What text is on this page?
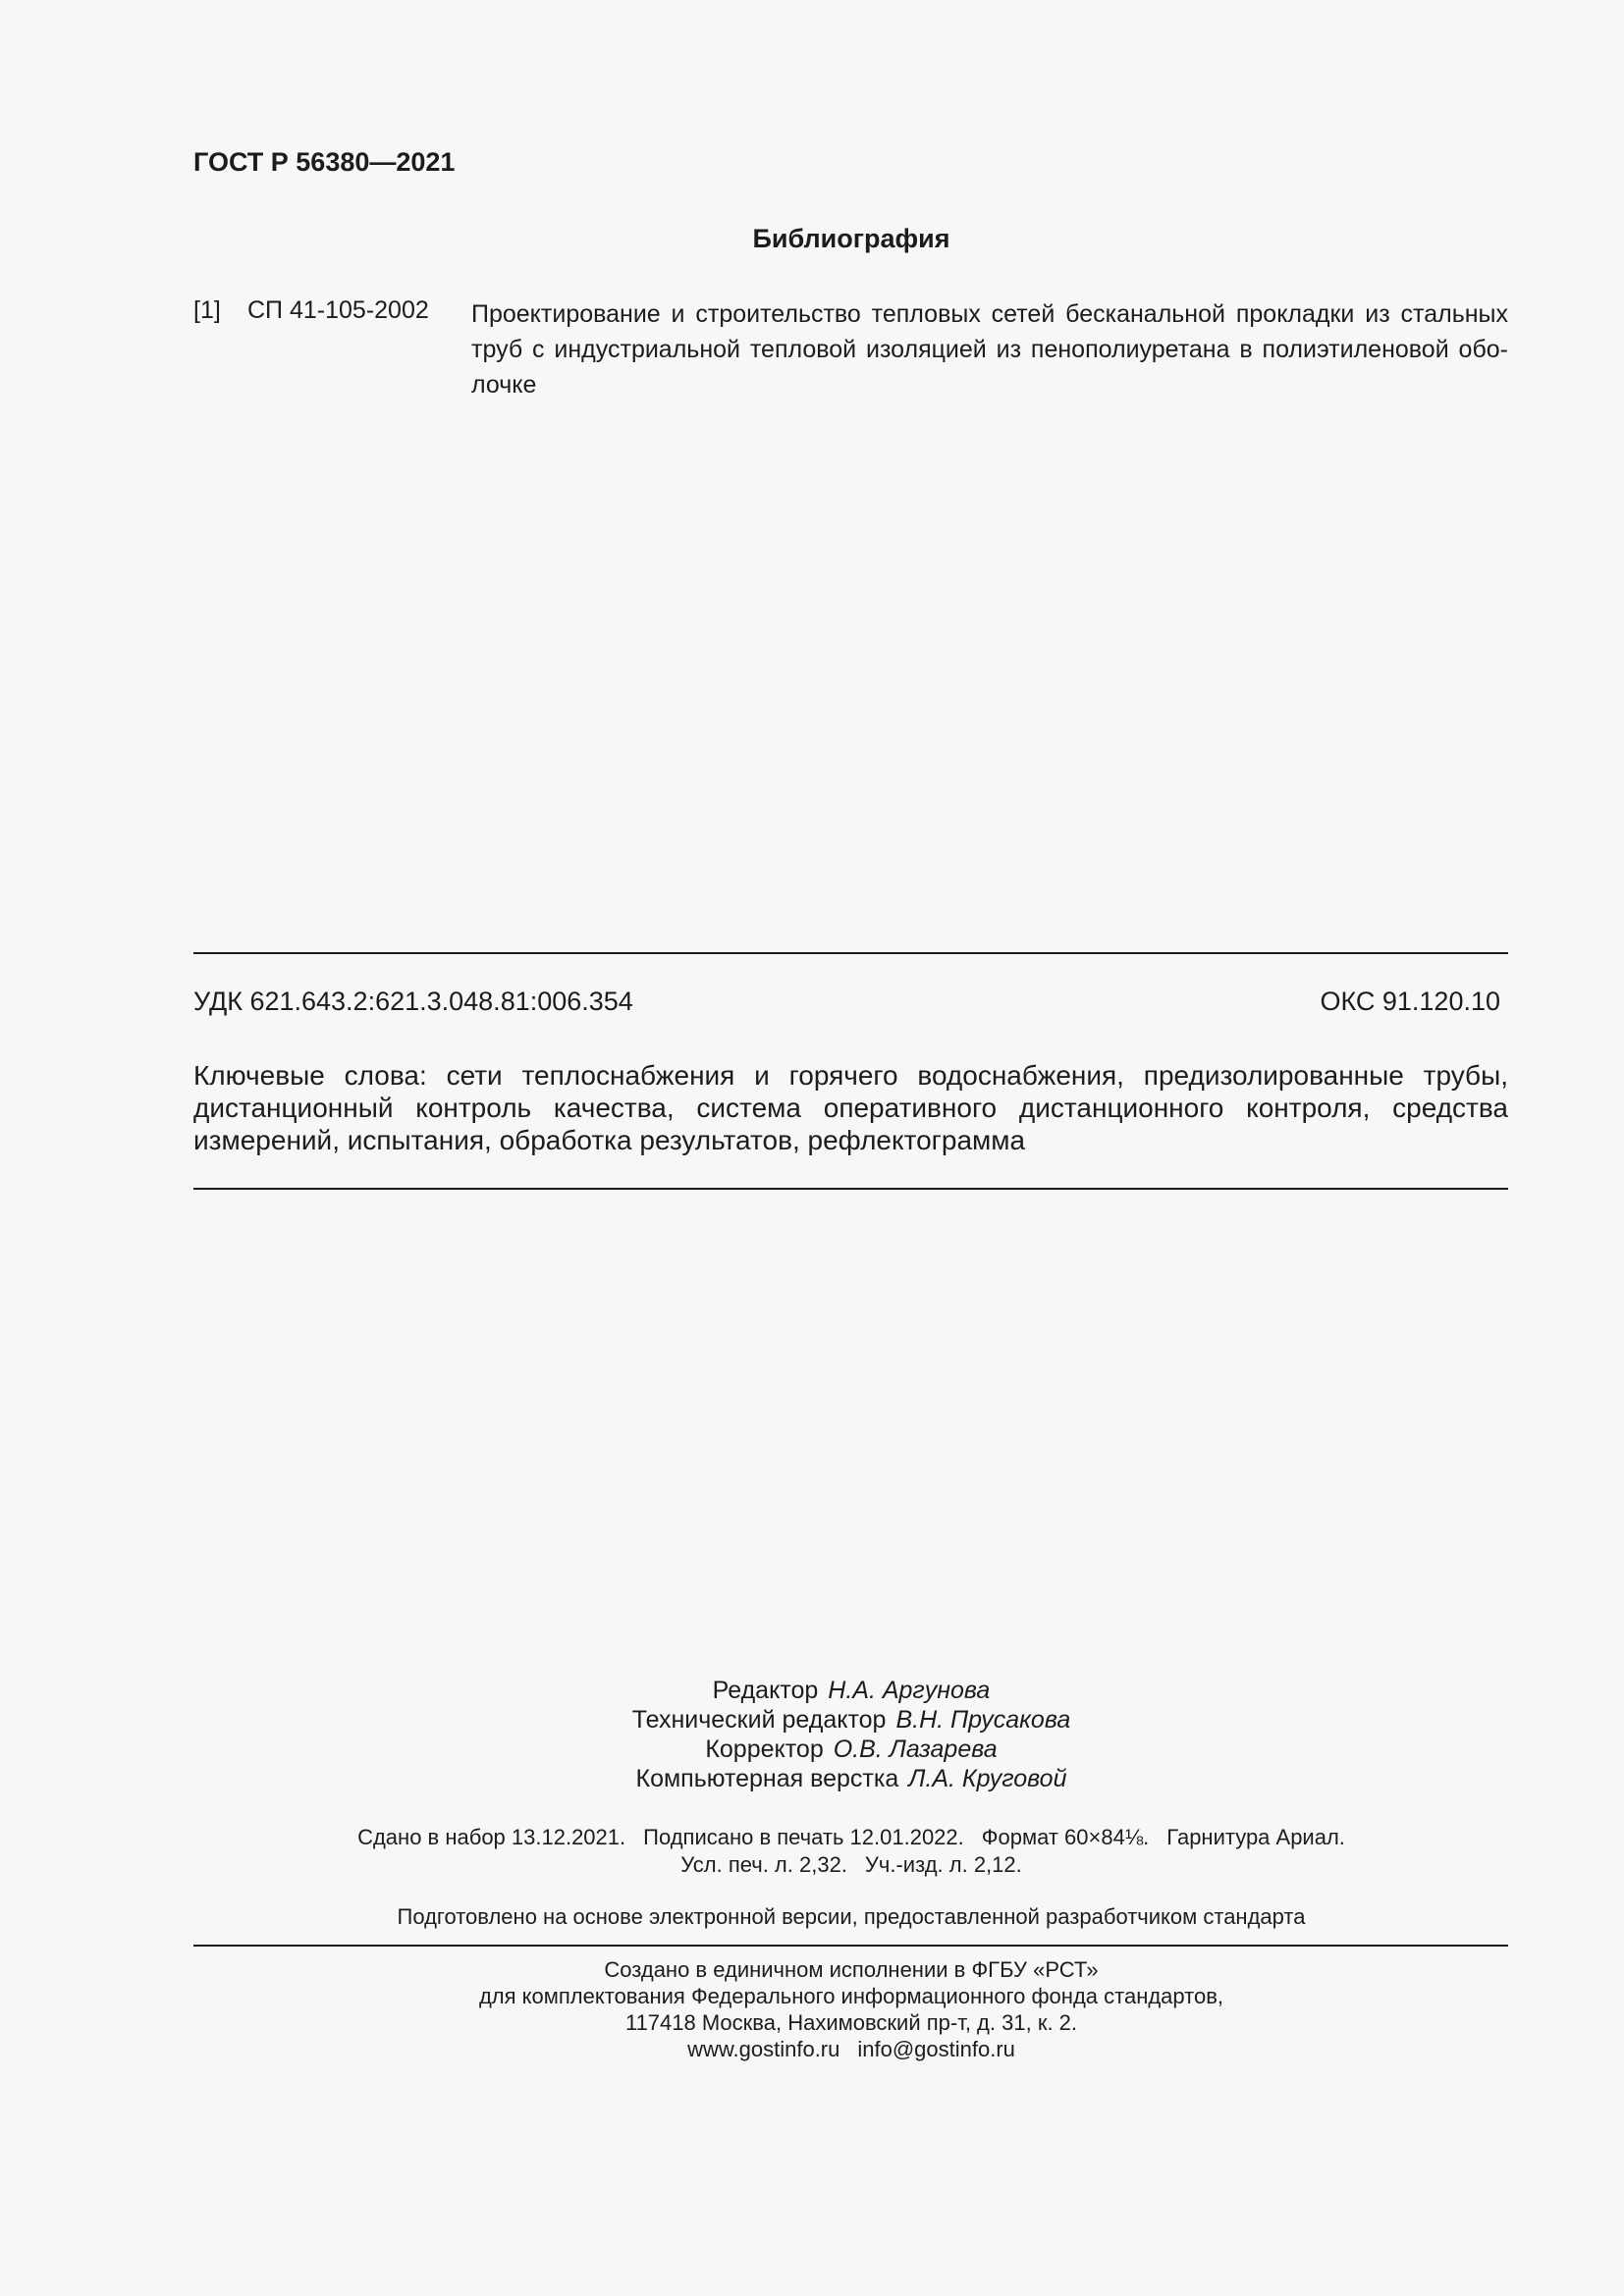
ГОСТ Р 56380—2021
Библиография
[1] СП 41-105-2002 Проектирование и строительство тепловых сетей бесканальной прокладки из стальных труб с индустриальной тепловой изоляцией из пенополиуретана в полиэтиленовой обо-лочке
УДК 621.643.2:621.3.048.81:006.354	ОКС 91.120.10
Ключевые слова: сети теплоснабжения и горячего водоснабжения, предизолированные трубы, дистанционный контроль качества, система оперативного дистанционного контроля, средства измерений, испытания, обработка результатов, рефлектограмма
Редактор Н.А. Аргунова
Технический редактор В.Н. Прусакова
Корректор О.В. Лазарева
Компьютерная верстка Л.А. Круговой
Сдано в набор 13.12.2021. Подписано в печать 12.01.2022. Формат 60×84⅛. Гарнитура Ариал.
Усл. печ. л. 2,32. Уч.-изд. л. 2,12.
Подготовлено на основе электронной версии, предоставленной разработчиком стандарта
Создано в единичном исполнении в ФГБУ «РСТ»
для комплектования Федерального информационного фонда стандартов,
117418 Москва, Нахимовский пр-т, д. 31, к. 2.
www.gostinfo.ru info@gostinfo.ru
